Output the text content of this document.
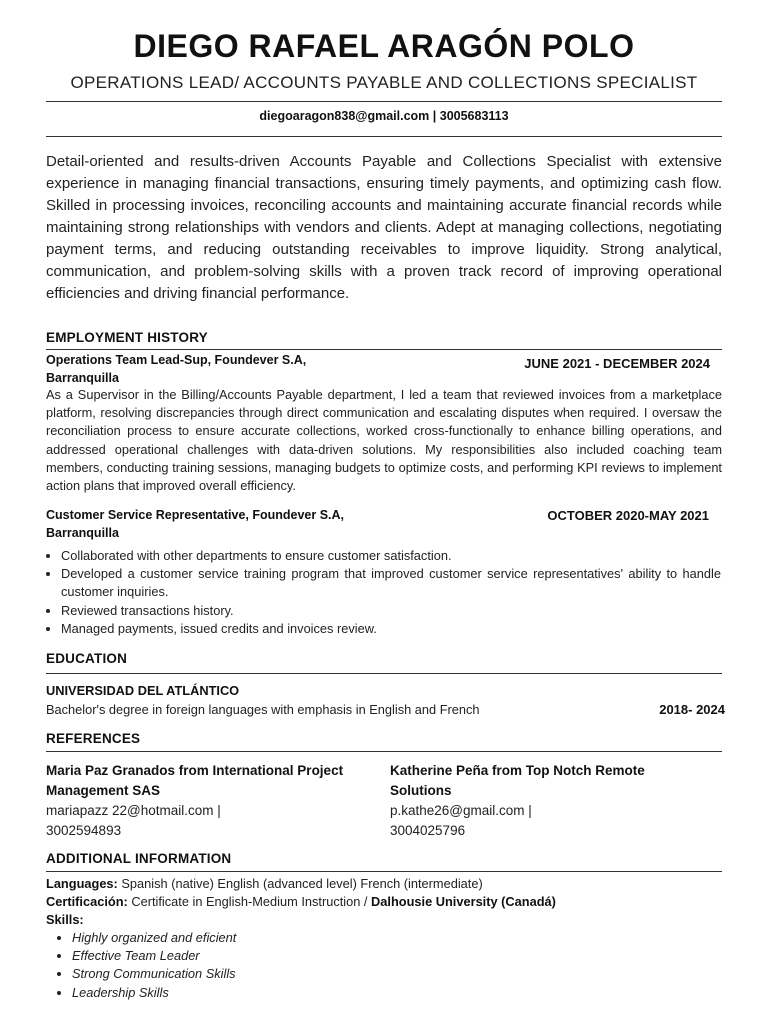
DIEGO RAFAEL ARAGÓN POLO
OPERATIONS LEAD/ ACCOUNTS PAYABLE AND COLLECTIONS SPECIALIST
diegoaragon838@gmail.com | 3005683113
Detail-oriented and results-driven Accounts Payable and Collections Specialist with extensive experience in managing financial transactions, ensuring timely payments, and optimizing cash flow. Skilled in processing invoices, reconciling accounts and maintaining accurate financial records while maintaining strong relationships with vendors and clients. Adept at managing collections, negotiating payment terms, and reducing outstanding receivables to improve liquidity. Strong analytical, communication, and problem-solving skills with a proven track record of improving operational efficiencies and driving financial performance.
EMPLOYMENT HISTORY
Operations Team Lead-Sup, Foundever S.A, Barranquilla
JUNE 2021 - DECEMBER 2024
As a Supervisor in the Billing/Accounts Payable department, I led a team that reviewed invoices from a marketplace platform, resolving discrepancies through direct communication and escalating disputes when required. I oversaw the reconciliation process to ensure accurate collections, worked cross-functionally to enhance billing operations, and addressed operational challenges with data-driven solutions. My responsibilities also included coaching team members, conducting training sessions, managing budgets to optimize costs, and performing KPI reviews to implement action plans that improved overall efficiency.
Customer Service Representative, Foundever S.A, Barranquilla
OCTOBER 2020-MAY 2021
• Collaborated with other departments to ensure customer satisfaction.
• Developed a customer service training program that improved customer service representatives' ability to handle customer inquiries.
• Reviewed transactions history.
• Managed payments, issued credits and invoices review.
EDUCATION
UNIVERSIDAD DEL ATLÁNTICO
Bachelor's degree in foreign languages with emphasis in English and French	2018- 2024
REFERENCES
Maria Paz Granados from International Project Management SAS
mariapazz 22@hotmail.com |
3002594893
Katherine Peña from Top Notch Remote Solutions
p.kathe26@gmail.com |
3004025796
ADDITIONAL INFORMATION
Languages: Spanish (native) English (advanced level) French (intermediate)
Certificación: Certificate in English-Medium Instruction / Dalhousie University (Canadá)
Skills:
• Highly organized and eficient
• Effective Team Leader
• Strong Communication Skills
• Leadership Skills
